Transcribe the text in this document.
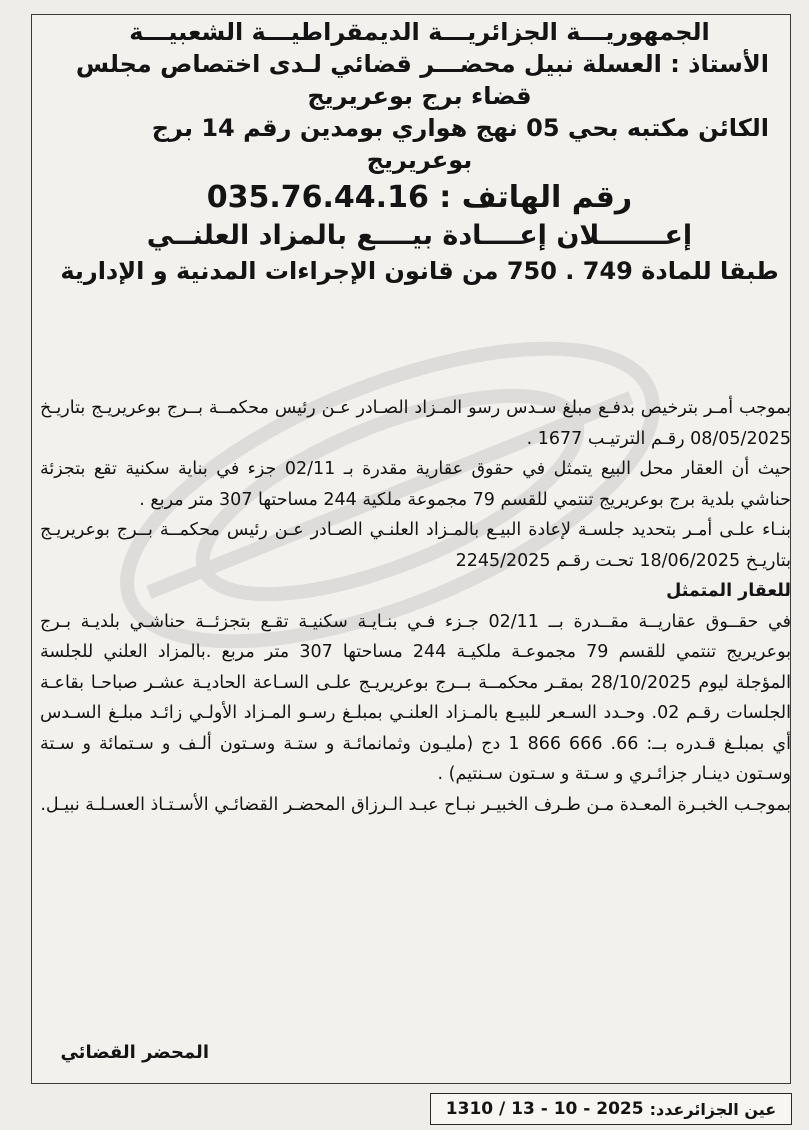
الجمهوريـــة الجزائريـــة الديمقراطيـــة الشعبيـــة
الأستاذ : العسلة نبيل محضـــر قضائي لـدى اختصاص مجلس
قضاء برج بوعريريج
الكائن مكتبه بحي 05 نهج هواري بومدين رقم 14 برج
بوعريريج
رقم الهاتف : 035.76.44.16
إعـــــــلان إعــــادة بيــــع بالمزاد العلنــي
طبقا للمادة 749 . 750 من قانون الإجراءات المدنية و الإدارية

بموجب أمـر بترخيص بدفـع مبلغ سـدس رسو المـزاد الصـادر عـن رئيس محكمــة بــرج بوعريريـج بتاريـخ 08/05/2025 رقـم الترتيـب 1677 .

حيث أن العقار محل البيع يتمثل في حقوق عقارية مقدرة بـ 02/11 جزء في بناية سكنية تقع بتجزئة حناشي بلدية برج بوعريريج تنتمي للقسم 79 مجموعة ملكية 244 مساحتها 307 متر مربع .

بنـاء علـى أمـر بتحديد جلسـة لإعادة البيـع بالمـزاد العلنـي الصـادر عـن رئيس محكمــة بــرج بوعريريـج بتاريـخ 18/06/2025 تحـت رقـم 2245/2025
للعقار المتمثل

في حقــوق عقاريــة مقــدرة بــ 02/11 جـزء فـي بنـايـة سكنيـة تقـع بتجزئــة حناشـي بلديـة بـرج بوعريريج تنتمي للقسم 79 مجموعـة ملكيـة 244 مساحتها 307 متر مربع .بالمزاد العلني للجلسة المؤجلة ليوم 28/10/2025 بمقـر محكمــة بــرج بوعريريـج علـى السـاعة الحاديـة عشـر صباحـا بقاعـة الجلسات رقـم 02. وحـدد السـعر للبيـع بالمـزاد العلنـي بمبلـغ رسـو المـزاد الأولـي زائـد مبلـغ السـدس أي بمبلـغ قـدره بــ: 66. 666 866 1 دج (مليـون وثمانمائـة و ستـة وسـتون ألـف و سـتمائة و سـتة وسـتون دينـار جزائـري و سـتة و سـتون سـنتيم) .

بموجـب الخبـرة المعـدة مـن طـرف الخبيـر نبـاح عبـد الـرزاق المحضـر القضائـي الأسـتـاذ العسـلـة نبيـل.

المحضر القضائي
عين الجزائرعدد:
1310 / 13 - 10 - 2025
